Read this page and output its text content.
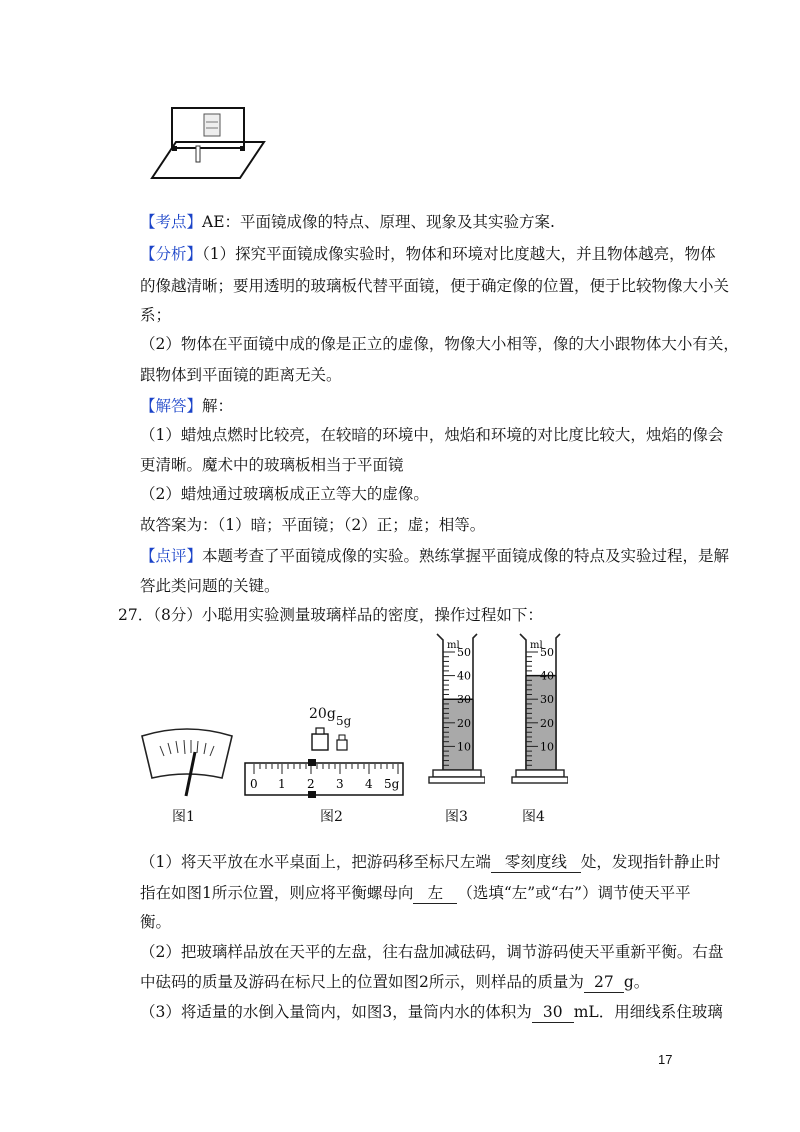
【考点】AE：平面镜成像的特点、原理、现象及其实验方案.
【分析】（1）探究平面镜成像实验时，物体和环境对比度越大，并且物体越亮，物体
的像越清晰；要用透明的玻璃板代替平面镜，便于确定像的位置，便于比较物像大小关
系；
（2）物体在平面镜中成的像是正立的虚像，物像大小相等，像的大小跟物体大小有关，
跟物体到平面镜的距离无关。
【解答】解：
（1）蜡烛点燃时比较亮，在较暗的环境中，烛焰和环境的对比度比较大，烛焰的像会
更清晰。魔术中的玻璃板相当于平面镜
（2）蜡烛通过玻璃板成正立等大的虚像。
故答案为：（1）暗；平面镜；（2）正；虚；相等。
【点评】本题考查了平面镜成像的实验。熟练掌握平面镜成像的特点及实验过程，是解
答此类问题的关键。
27．（8分）小聪用实验测量玻璃样品的密度，操作过程如下：
20g 5g
0 1 2 3 4 5g
ml
50
40
30
20
10
ml
50
40
30
20
10
图1	图2	图3	图4
（1）将天平放在水平桌面上，把游码移至标尺左端 零刻度线 处，发现指针静止时
指在如图1所示位置，则应将平衡螺母向 左 （选填“左”或“右”）调节使天平平
衡。
（2）把玻璃样品放在天平的左盘，往右盘加减砝码，调节游码使天平重新平衡。右盘
中砝码的质量及游码在标尺上的位置如图2所示，则样品的质量为 27 g。
（3）将适量的水倒入量筒内，如图3，量筒内水的体积为 30 mL．用细线系住玻璃
17
